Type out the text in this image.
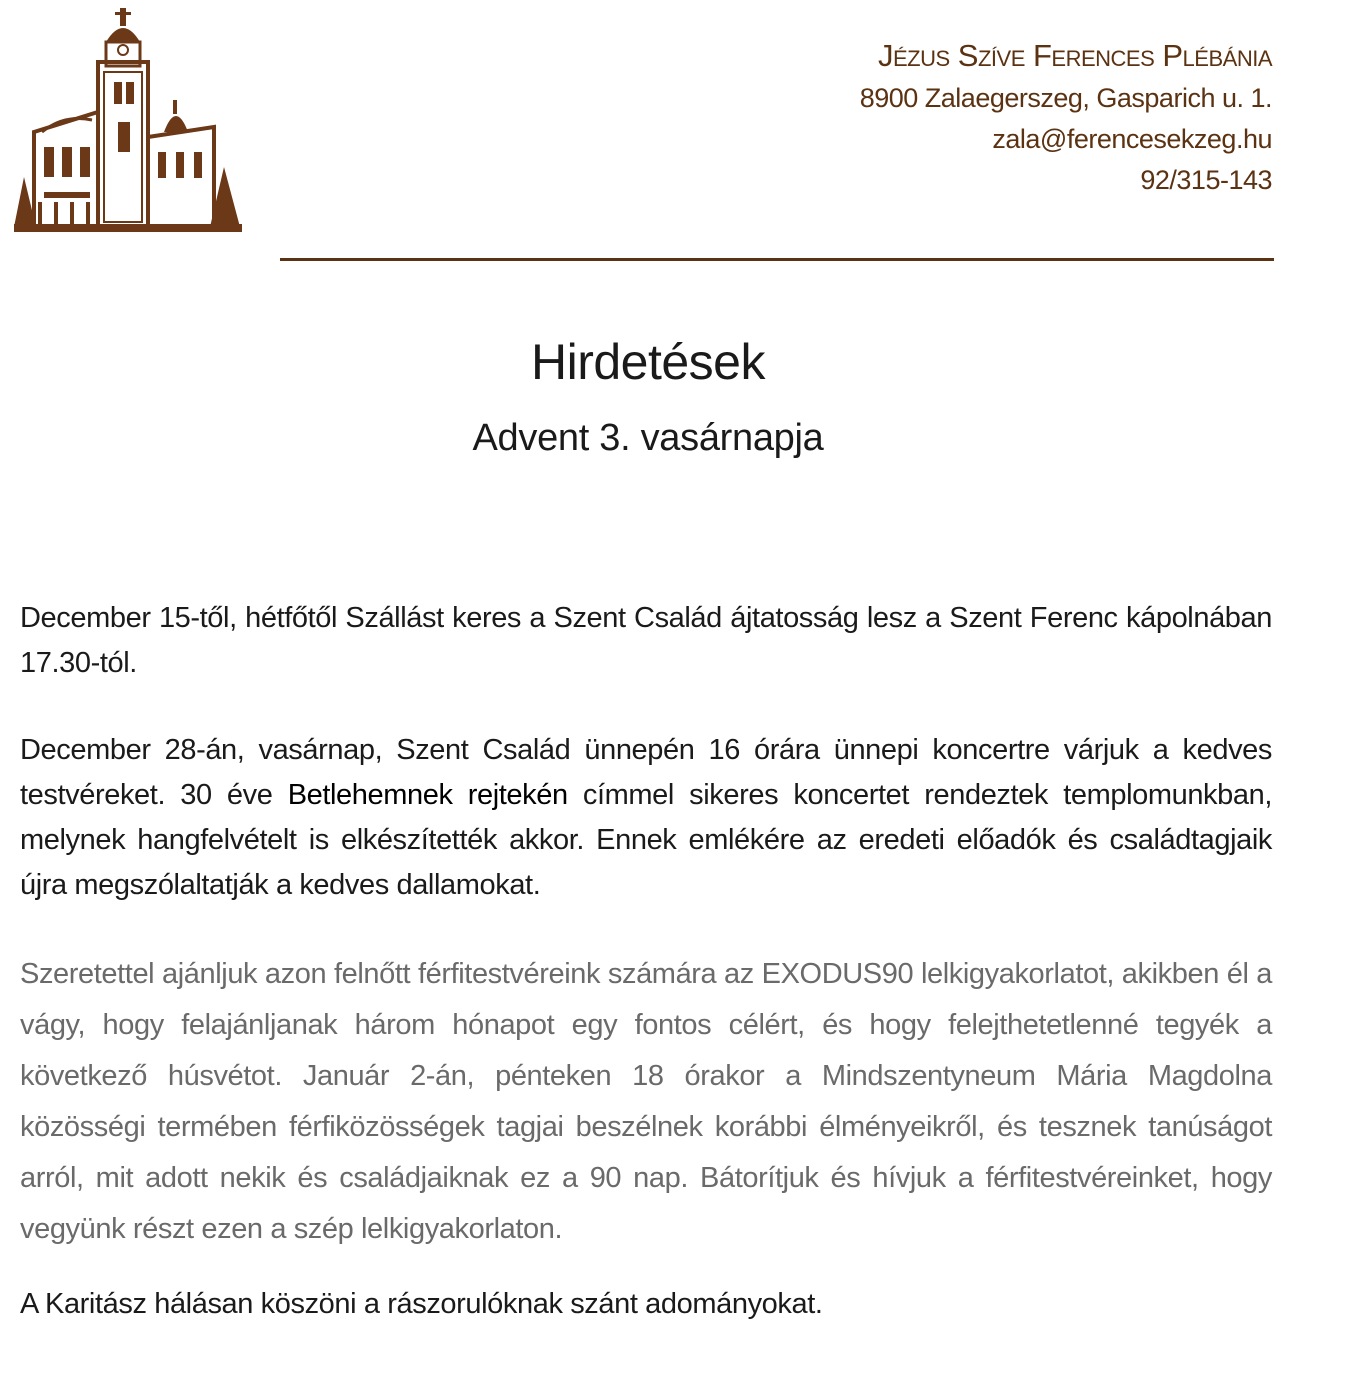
Jézus Szíve Ferences Plébánia
8900 Zalaegerszeg, Gasparich u. 1.
zala@ferencesekzeg.hu
92/315-143
Hirdetések
Advent 3. vasárnapja

December 15-től, hétfőtől Szállást keres a Szent Család ájtatosság lesz a Szent Ferenc kápolnában 17.30-tól.

December 28-án, vasárnap, Szent Család ünnepén 16 órára ünnepi koncertre várjuk a kedves testvéreket. 30 éve Betlehemnek rejtekén címmel sikeres koncertet rendeztek templomunkban, melynek hangfelvételt is elkészítették akkor. Ennek emlékére az eredeti előadók és családtagjaik újra megszólaltatják a kedves dallamokat.

Szeretettel ajánljuk azon felnőtt férfitestvéreink számára az EXODUS90 lelkigyakorlatot, akikben él a vágy, hogy felajánljanak három hónapot egy fontos célért, és hogy felejthetetlenné tegyék a következő húsvétot. Január 2-án, pénteken 18 órakor a Mindszentyneum Mária Magdolna közösségi termében férfiközösségek tagjai beszélnek korábbi élményeikről, és tesznek tanúságot arról, mit adott nekik és családjaiknak ez a 90 nap. Bátorítjuk és hívjuk a férfitestvéreinket, hogy vegyünk részt ezen a szép lelkigyakorlaton.

A Karitász hálásan köszöni a rászorulóknak szánt adományokat.
